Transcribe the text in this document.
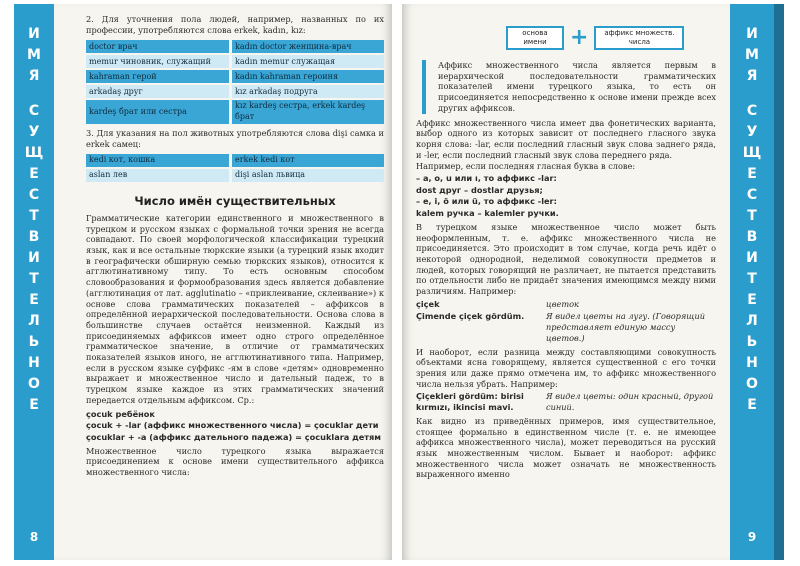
8
И
М
Я
С
У
Щ
Е
С
Т
В
И
Т
Е
Л
Ь
Н
О
Е

2. Для уточнения пола людей, например, названных по их профессии, употребляются слова erkek, kadın, kız:

doctor врач	kadın doctor женщина-врач
memur чиновник, служащий	kadın memur служащая
kahraman герой	kadın kahraman героиня
arkadaş друг	kız arkadaş подруга
kardeş брат или сестра	kız kardeş сестра, erkek kardeş брат

3. Для указания на пол животных употребляются слова dişi самка и erkek самец:

kedi кот, кошка	erkek kedi кот
aslan лев	dişi aslan львица
Число имён существительных

Грамматические категории единственного и множественного в турецком и русском языках с формальной точки зрения не всегда совпадают. По своей морфологической классификации турецкий язык, как и все остальные тюркские языки (а турецкий язык входит в географически обширную семью тюркских языков), относится к агглютинативному типу. То есть основным способом словообразования и формообразования здесь является добавление (агглютинация от лат. agglutinatio – «приклеивание, склеивание») к основе слова грамматических показателей – аффиксов в определённой иерархической последовательности. Основа слова в большинстве случаев остаётся неизменной. Каждый из присоединяемых аффиксов имеет одно строго определённое грамматическое значение, в отличие от грамматических показателей языков иного, не агглютинативного типа. Например, если в русском языке суффикс -ям в слове «детям» одновременно выражает и множественное число и дательный падеж, то в турецком языке каждое из этих грамматических значений передается отдельным аффиксом. Ср.:

çocuk ребёнок
çocuk + -lar (аффикс множественного числа) = çocuklar дети
çocuklar + -a (аффикс дательного падежа) = çocuklara детям

Множественное число турецкого языка выражается присоединением к основе имени существительного аффикса множественного числа:

9
И
М
Я
С
У
Щ
Е
С
Т
В
И
Т
Е
Л
Ь
Н
О
Е
основа имени	+	аффикс множеств. числа
Аффикс множественного числа является первым в иерархической последовательности грамматических показателей имени турецкого языка, то есть он присоединяется непосредственно к основе имени прежде всех других аффиксов.

Аффикс множественного числа имеет два фонетических варианта, выбор одного из которых зависит от последнего гласного звука корня слова: -lar, если последний гласный звук слова заднего ряда, и -ler, если последний гласный звук слова переднего ряда.

Например, если последняя гласная буква в слове:

– a, o, u или ı, то аффикс -lar:

dost друг – dostlar друзья;

– e, i, ö или ü, то аффикс -ler:

kalem ручка – kalemler ручки.

В турецком языке множественное число может быть неоформленным, т. е. аффикс множественного числа не присоединяется. Это происходит в том случае, когда речь идёт о некоторой однородной, неделимой совокупности предметов и людей, которых говорящий не различает, не пытается представить по отдельности либо не придаёт значения имеющимся между ними различиям. Например:

çiçek	цветок
Çimende çiçek gördüm.	Я видел цветы на лугу. (Говорящий представляет единую массу цветов.)

И наоборот, если разница между составляющими совокупность объектами ясна говорящему, является существенной с его точки зрения или даже прямо отмечена им, то аффикс множественного числа нельзя убрать. Например:

Çiçekleri gördüm: birisi kırmızı, ikincisi mavi.
Я видел цветы: один красный, другой синий.

Как видно из приведённых примеров, имя существительное, стоящее формально в единственном числе (т. е. не имеющее аффикса множественного числа), может переводиться на русский язык множественным числом. Бывает и наоборот: аффикс множественного числа может означать не множественность выраженного именно
